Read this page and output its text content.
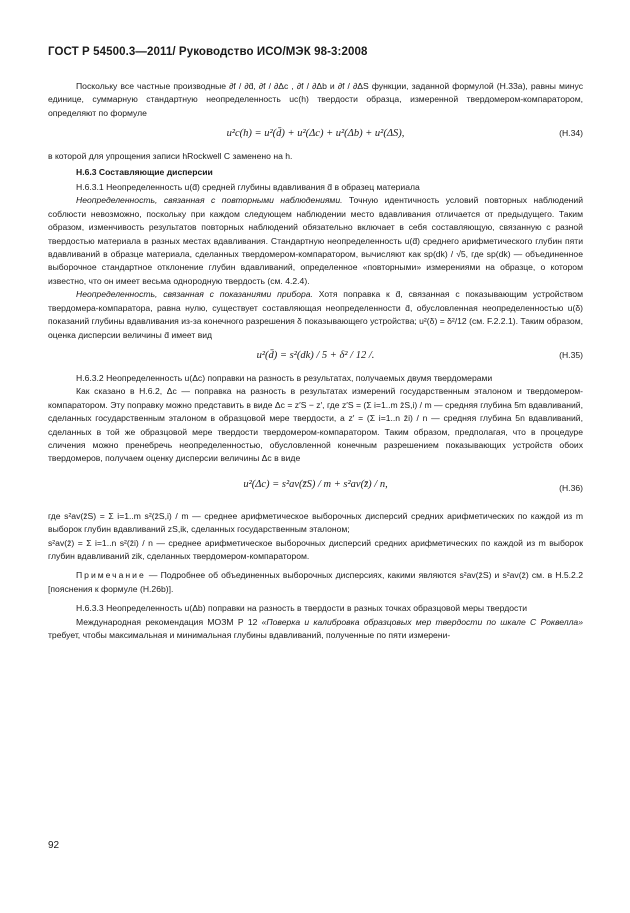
ГОСТ Р 54500.3—2011/ Руководство ИСО/МЭК 98-3:2008

Поскольку все частные производные ∂f / ∂d̄, ∂f / ∂Δc , ∂f / ∂Δb и ∂f / ∂ΔS функции, заданной формулой (Н.33а), равны минус единице, суммарную стандартную неопределенность uc(h) твердости образца, измеренной твердомером-компаратором, определяют по формуле

u²c(h) = u²(d̄) + u²(Δc) + u²(Δb) + u²(ΔS),	(Н.34)

в которой для упрощения записи hRockwell C заменено на h.

Н.6.3 Составляющие дисперсии

Н.6.3.1 Неопределенность u(d̄) средней глубины вдавливания d̄ в образец материала

Неопределенность, связанная с повторными наблюдениями. Точную идентичность условий повторных наблюдений соблюсти невозможно, поскольку при каждом следующем наблюдении место вдавливания отличается от предыдущего. Таким образом, изменчивость результатов повторных наблюдений обязательно включает в себя составляющую, связанную с разной твердостью материала в разных местах вдавливания. Стандартную неопределенность u(d̄) среднего арифметического глубин пяти вдавливаний в образце материала, сделанных твердомером-компаратором, вычисляют как sp(dk) / √5, где sp(dk) — объединенное выборочное стандартное отклонение глубин вдавливаний, определенное «повторными» измерениями на образце, о котором известно, что он имеет весьма однородную твердость (см. 4.2.4).

Неопределенность, связанная с показаниями прибора. Хотя поправка к d̄, связанная с показывающим устройством твердомера-компаратора, равна нулю, существует составляющая неопределенности d̄, обусловленная неопределенностью u(δ) показаний глубины вдавливания из-за конечного разрешения δ показывающего устройства; u²(δ) = δ²/12 (см. F.2.2.1). Таким образом, оценка дисперсии величины d̄ имеет вид

u²(d̄) = s²(dk) / 5 + δ² / 12 /.	(Н.35)

Н.6.3.2 Неопределенность u(Δc) поправки на разность в результатах, получаемых двумя твердомерами

Как сказано в Н.6.2, Δc — поправка на разность в результатах измерений государственным эталоном и твердомером-компаратором. Эту поправку можно представить в виде Δc = z′S − z′, где z′S = (Σ i=1..m z̄S,i) / m — средняя глубина 5m вдавливаний, сделанных государственным эталоном в образцовой мере твердости, а z′ = (Σ i=1..n z̄i) / n — средняя глубина 5n вдавливаний, сделанных в той же образцовой мере твердости твердомером-компаратором. Таким образом, предполагая, что в процедуре сличения можно пренебречь неопределенностью, обусловленной конечным разрешением показывающих устройств обоих твердомеров, получаем оценку дисперсии величины Δc в виде

u²(Δc) = s²av(z̄S) / m + s²av(z̄) / n,	(Н.36)

где s²av(z̄S) = Σ i=1..m s²(z̄S,i) / m — среднее арифметическое выборочных дисперсий средних арифметических по каждой из m выборок глубин вдавливаний zS,ik, сделанных государственным эталоном;

s²av(z̄) = Σ i=1..n s²(z̄i) / n — среднее арифметическое выборочных дисперсий средних арифметических по каждой из m выборок глубин вдавливаний zik, сделанных твердомером-компаратором.

Примечание — Подробнее об объединенных выборочных дисперсиях, какими являются s²av(z̄S) и s²av(z̄) см. в Н.5.2.2 [пояснения к формуле (Н.26b)].

Н.6.3.3 Неопределенность u(Δb) поправки на разность в твердости в разных точках образцовой меры твердости

Международная рекомендация МОЗМ Р 12 «Поверка и калибровка образцовых мер твердости по шкале С Роквелла» требует, чтобы максимальная и минимальная глубины вдавливаний, полученные по пяти измерени-

92
